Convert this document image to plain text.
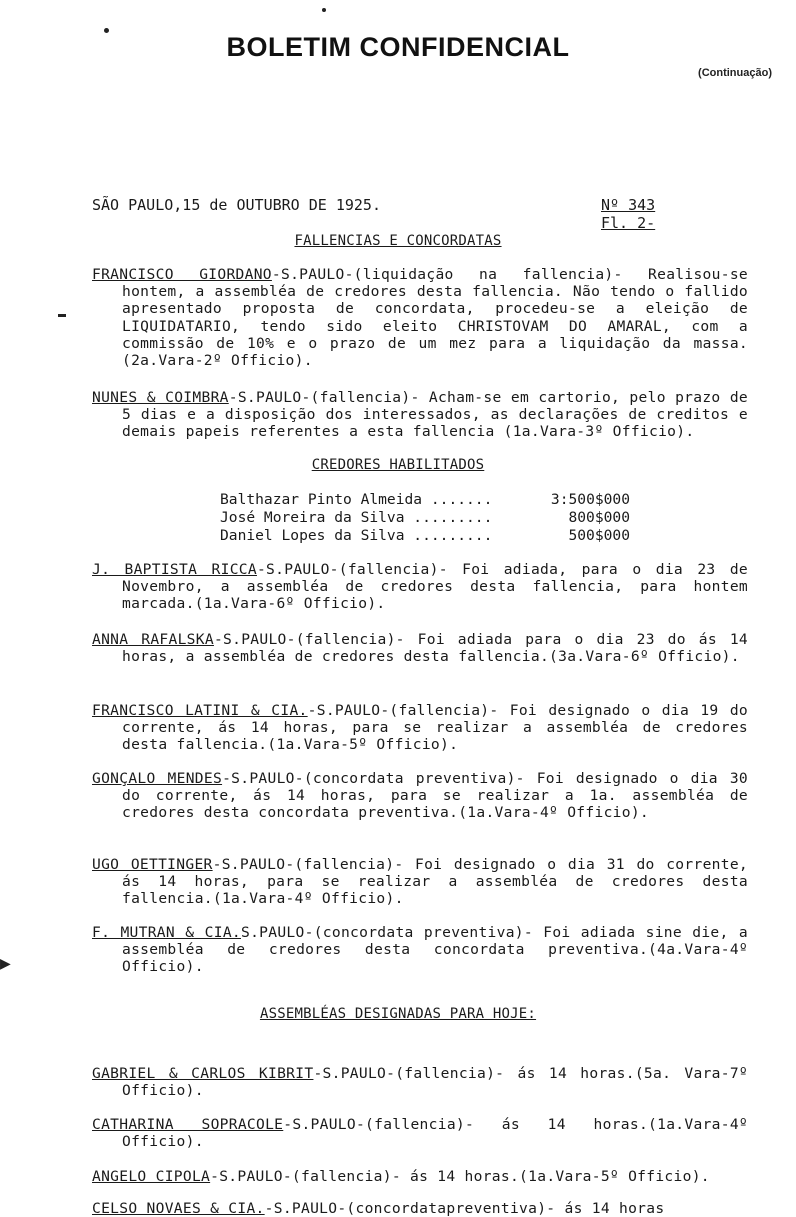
BOLETIM CONFIDENCIAL
(Continuação)
SÃO PAULO,15 de OUTUBRO DE 1925.	Nº 343
Fl. 2-
FALLENCIAS E CONCORDATAS
FRANCISCO GIORDANO-S.PAULO-(liquidação na fallencia)- Realisou-se hontem, a assembléa de credores desta fallencia. Não tendo o fallido apresentado proposta de concordata, procedeu-se a eleição de LIQUIDATARIO, tendo sido eleito CHRISTOVAM DO AMARAL, com a commissão de 10% e o prazo de um mez para a liquidação da massa.(2a.Vara-2º Officio).
NUNES & COIMBRA-S.PAULO-(fallencia)- Acham-se em cartorio, pelo prazo de 5 dias e a disposição dos interessados, as declarações de creditos e demais papeis referentes a esta fallencia (1a.Vara-3º Officio).
CREDORES HABILITADOS
Balthazar Pinto Almeida .......	3:500$000
José Moreira da Silva .........	800$000
Daniel Lopes da Silva .........	500$000
J. BAPTISTA RICCA-S.PAULO-(fallencia)- Foi adiada, para o dia 23 de Novembro, a assembléa de credores desta fallencia, para hontem marcada.(1a.Vara-6º Officio).
ANNA RAFALSKA-S.PAULO-(fallencia)- Foi adiada para o dia 23 do ás 14 horas, a assembléa de credores desta fallencia.(3a.Vara-6º Officio).
FRANCISCO LATINI & CIA.-S.PAULO-(fallencia)- Foi designado o dia 19 do corrente, ás 14 horas, para se realizar a assembléa de credores desta fallencia.(1a.Vara-5º Officio).
GONÇALO MENDES-S.PAULO-(concordata preventiva)- Foi designado o dia 30 do corrente, ás 14 horas, para se realizar a 1a. assembléa de credores desta concordata preventiva.(1a.Vara-4º Officio).
UGO OETTINGER-S.PAULO-(fallencia)- Foi designado o dia 31 do corrente, ás 14 horas, para se realizar a assembléa de credores desta fallencia.(1a.Vara-4º Officio).
F. MUTRAN & CIA.S.PAULO-(concordata preventiva)- Foi adiada sine die, a assembléa de credores desta concordata preventiva.(4a.Vara-4º Officio).
ASSEMBLÉAS DESIGNADAS PARA HOJE:
GABRIEL & CARLOS KIBRIT-S.PAULO-(fallencia)- ás 14 horas.(5a. Vara-7º Officio).
CATHARINA SOPRACOLE-S.PAULO-(fallencia)- ás 14 horas.(1a.Vara-4º Officio).
ANGELO CIPOLA-S.PAULO-(fallencia)- ás 14 horas.(1a.Vara-5º Officio).
CELSO NOVAES & CIA.-S.PAULO-(concordatapreventiva)- ás 14 horas
▶
